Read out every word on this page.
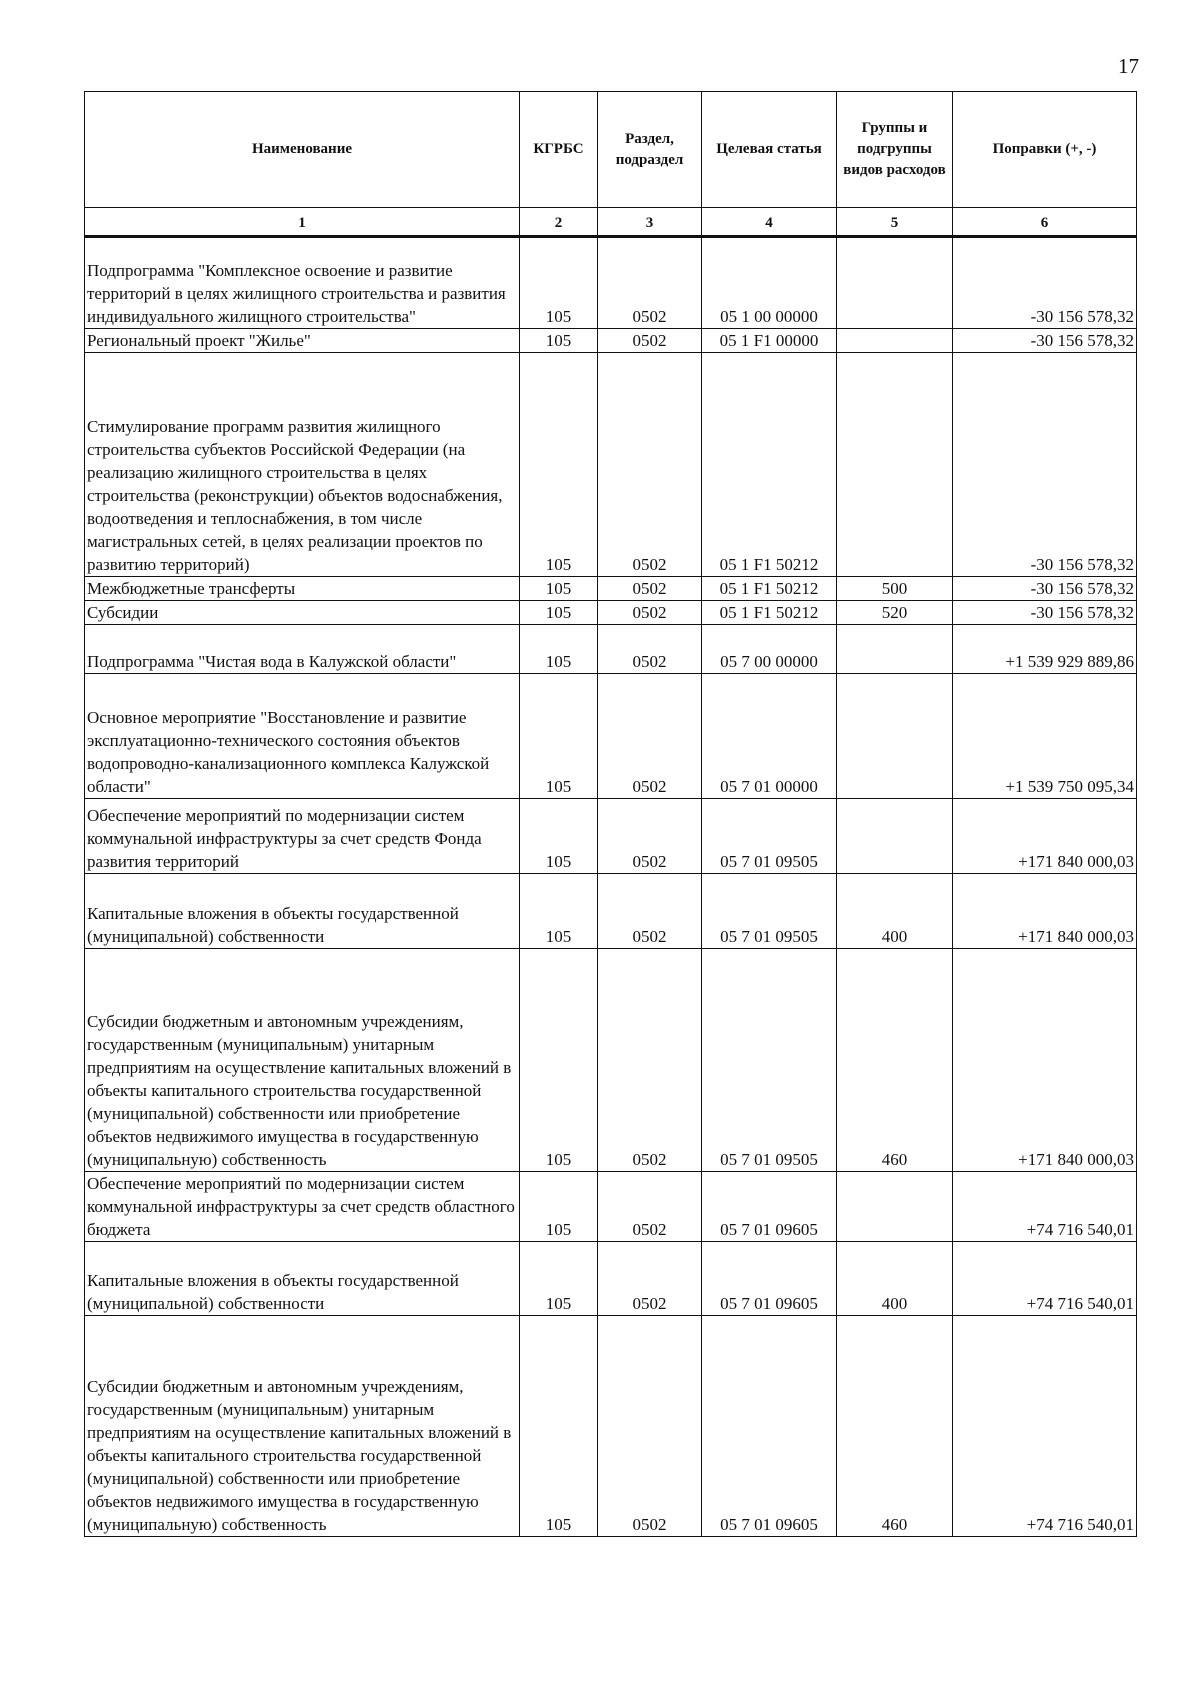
17
Наименование	КГРБС	Раздел, подраздел	Целевая статья	Группы и подгруппы видов расходов	Поправки (+, -)
1	2	3	4	5	6
Подпрограмма "Комплексное освоение и развитие территорий в целях жилищного строительства и развития индивидуального жилищного строительства"	105	0502	05 1 00 00000		-30 156 578,32
Региональный проект "Жилье"	105	0502	05 1 F1 00000		-30 156 578,32
Стимулирование программ развития жилищного строительства субъектов Российской Федерации (на реализацию жилищного строительства в целях строительства (реконструкции) объектов водоснабжения, водоотведения и теплоснабжения, в том числе магистральных сетей, в целях реализации проектов по развитию территорий)	105	0502	05 1 F1 50212		-30 156 578,32
Межбюджетные трансферты	105	0502	05 1 F1 50212	500	-30 156 578,32
Субсидии	105	0502	05 1 F1 50212	520	-30 156 578,32
Подпрограмма "Чистая вода в Калужской области"	105	0502	05 7 00 00000		+1 539 929 889,86
Основное мероприятие "Восстановление и развитие эксплуатационно-технического состояния объектов водопроводно-канализационного комплекса Калужской области"	105	0502	05 7 01 00000		+1 539 750 095,34
Обеспечение мероприятий по модернизации систем коммунальной инфраструктуры за счет средств Фонда развития территорий	105	0502	05 7 01 09505		+171 840 000,03
Капитальные вложения в объекты государственной (муниципальной) собственности	105	0502	05 7 01 09505	400	+171 840 000,03
Субсидии бюджетным и автономным учреждениям, государственным (муниципальным) унитарным предприятиям на осуществление капитальных вложений в объекты капитального строительства государственной (муниципальной) собственности или приобретение объектов недвижимого имущества в государственную (муниципальную) собственность	105	0502	05 7 01 09505	460	+171 840 000,03
Обеспечение мероприятий по модернизации систем коммунальной инфраструктуры за счет средств областного бюджета	105	0502	05 7 01 09605		+74 716 540,01
Капитальные вложения в объекты государственной (муниципальной) собственности	105	0502	05 7 01 09605	400	+74 716 540,01
Субсидии бюджетным и автономным учреждениям, государственным (муниципальным) унитарным предприятиям на осуществление капитальных вложений в объекты капитального строительства государственной (муниципальной) собственности или приобретение объектов недвижимого имущества в государственную (муниципальную) собственность	105	0502	05 7 01 09605	460	+74 716 540,01
